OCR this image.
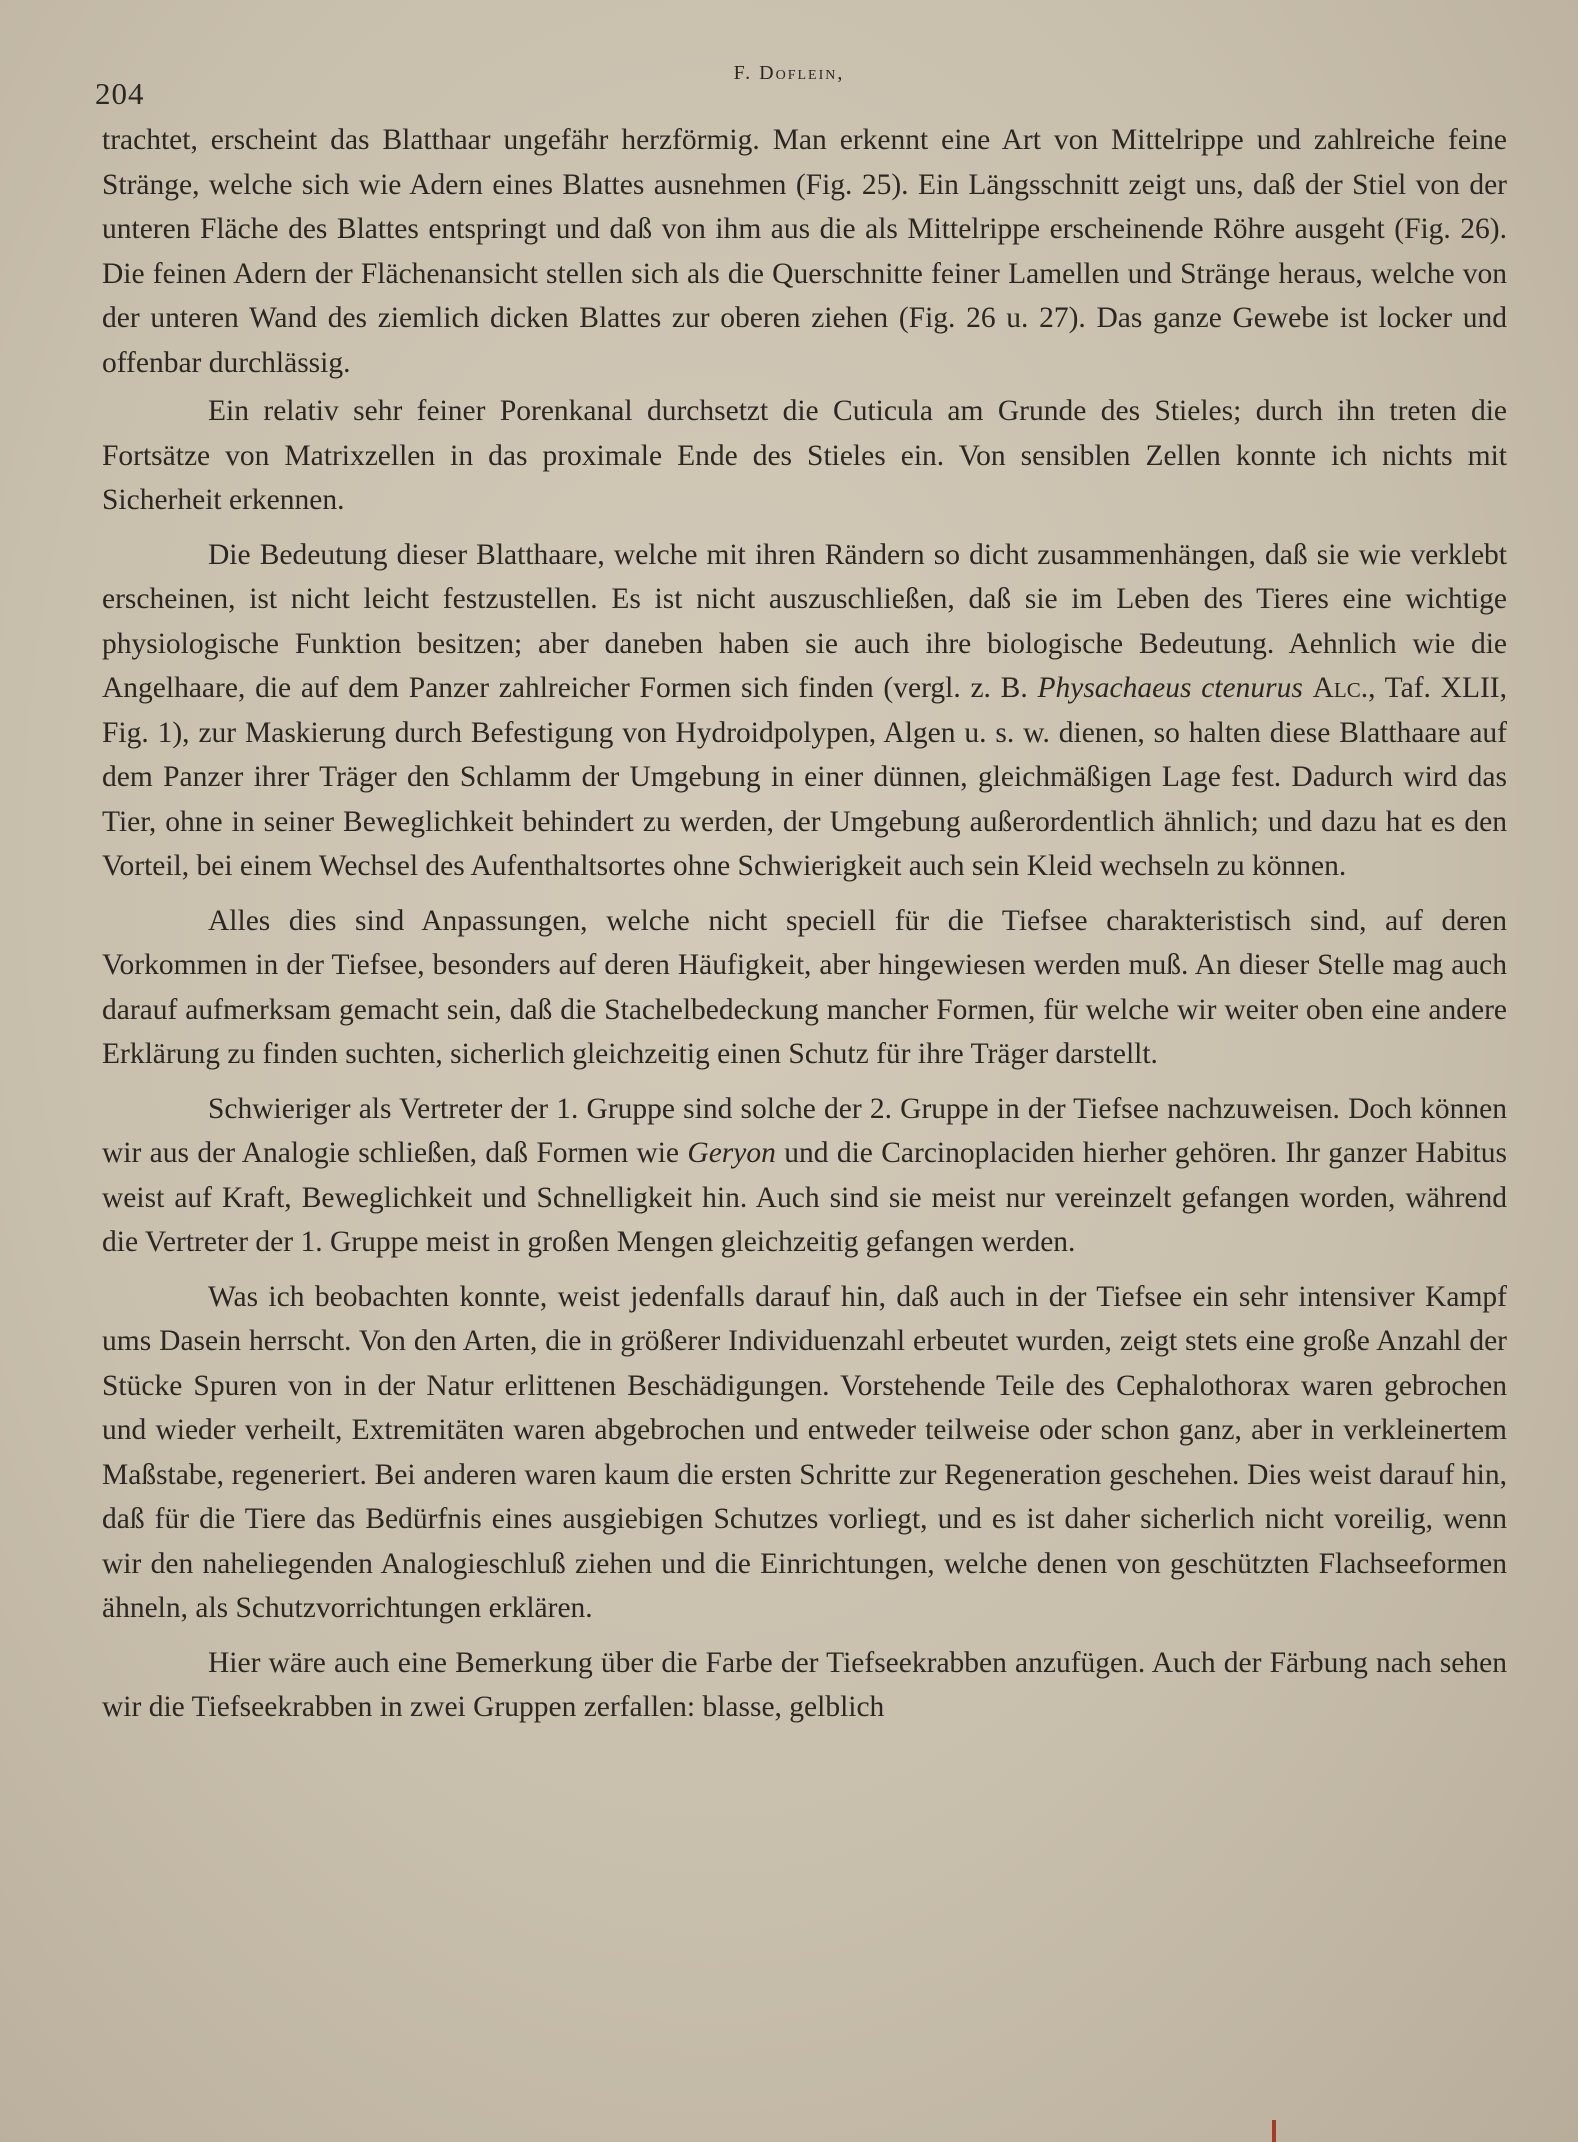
204
F. Doflein,

trachtet, erscheint das Blatthaar ungefähr herzförmig. Man erkennt eine Art von Mittelrippe und zahlreiche feine Stränge, welche sich wie Adern eines Blattes ausnehmen (Fig. 25). Ein Längsschnitt zeigt uns, daß der Stiel von der unteren Fläche des Blattes entspringt und daß von ihm aus die als Mittelrippe erscheinende Röhre ausgeht (Fig. 26). Die feinen Adern der Flächenansicht stellen sich als die Querschnitte feiner Lamellen und Stränge heraus, welche von der unteren Wand des ziemlich dicken Blattes zur oberen ziehen (Fig. 26 u. 27). Das ganze Gewebe ist locker und offenbar durchlässig.

Ein relativ sehr feiner Porenkanal durchsetzt die Cuticula am Grunde des Stieles; durch ihn treten die Fortsätze von Matrixzellen in das proximale Ende des Stieles ein. Von sensiblen Zellen konnte ich nichts mit Sicherheit erkennen.

Die Bedeutung dieser Blatthaare, welche mit ihren Rändern so dicht zusammenhängen, daß sie wie verklebt erscheinen, ist nicht leicht festzustellen. Es ist nicht auszuschließen, daß sie im Leben des Tieres eine wichtige physiologische Funktion besitzen; aber daneben haben sie auch ihre biologische Bedeutung. Aehnlich wie die Angelhaare, die auf dem Panzer zahlreicher Formen sich finden (vergl. z. B. Physachaeus ctenurus Alc., Taf. XLII, Fig. 1), zur Maskierung durch Befestigung von Hydroidpolypen, Algen u. s. w. dienen, so halten diese Blatthaare auf dem Panzer ihrer Träger den Schlamm der Umgebung in einer dünnen, gleichmäßigen Lage fest. Dadurch wird das Tier, ohne in seiner Beweglichkeit behindert zu werden, der Umgebung außerordentlich ähnlich; und dazu hat es den Vorteil, bei einem Wechsel des Aufenthaltsortes ohne Schwierigkeit auch sein Kleid wechseln zu können.

Alles dies sind Anpassungen, welche nicht speciell für die Tiefsee charakteristisch sind, auf deren Vorkommen in der Tiefsee, besonders auf deren Häufigkeit, aber hingewiesen werden muß. An dieser Stelle mag auch darauf aufmerksam gemacht sein, daß die Stachelbedeckung mancher Formen, für welche wir weiter oben eine andere Erklärung zu finden suchten, sicherlich gleichzeitig einen Schutz für ihre Träger darstellt.

Schwieriger als Vertreter der 1. Gruppe sind solche der 2. Gruppe in der Tiefsee nachzuweisen. Doch können wir aus der Analogie schließen, daß Formen wie Geryon und die Carcinoplaciden hierher gehören. Ihr ganzer Habitus weist auf Kraft, Beweglichkeit und Schnelligkeit hin. Auch sind sie meist nur vereinzelt gefangen worden, während die Vertreter der 1. Gruppe meist in großen Mengen gleichzeitig gefangen werden.

Was ich beobachten konnte, weist jedenfalls darauf hin, daß auch in der Tiefsee ein sehr intensiver Kampf ums Dasein herrscht. Von den Arten, die in größerer Individuenzahl erbeutet wurden, zeigt stets eine große Anzahl der Stücke Spuren von in der Natur erlittenen Beschädigungen. Vorstehende Teile des Cephalothorax waren gebrochen und wieder verheilt, Extremitäten waren abgebrochen und entweder teilweise oder schon ganz, aber in verkleinertem Maßstabe, regeneriert. Bei anderen waren kaum die ersten Schritte zur Regeneration geschehen. Dies weist darauf hin, daß für die Tiere das Bedürfnis eines ausgiebigen Schutzes vorliegt, und es ist daher sicherlich nicht voreilig, wenn wir den naheliegenden Analogieschluß ziehen und die Einrichtungen, welche denen von geschützten Flachseeformen ähneln, als Schutzvorrichtungen erklären.

Hier wäre auch eine Bemerkung über die Farbe der Tiefseekrabben anzufügen. Auch der Färbung nach sehen wir die Tiefseekrabben in zwei Gruppen zerfallen: blasse, gelblich
